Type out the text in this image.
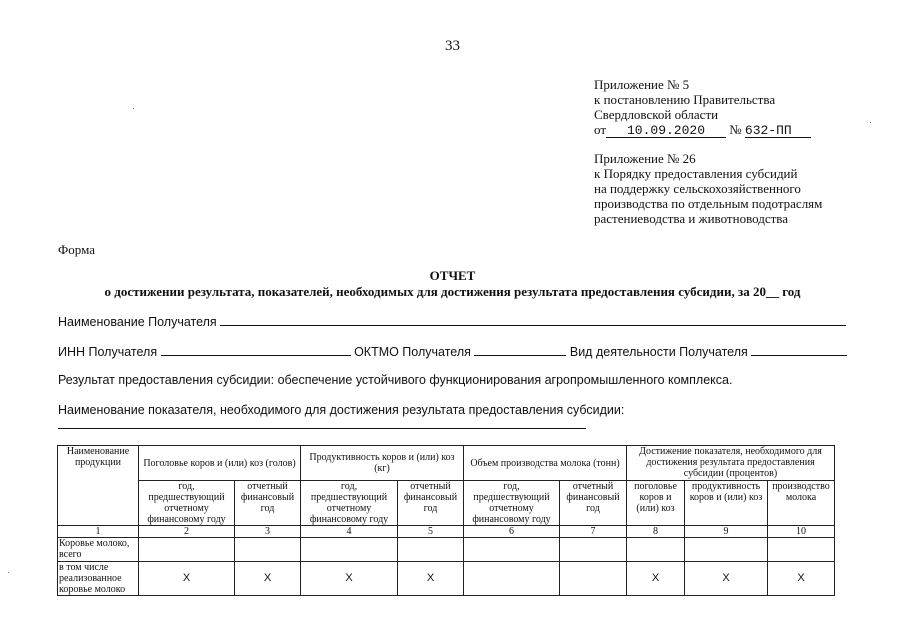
33
Приложение № 5
к постановлению Правительства
Свердловской области
от 10.09.2020 № 632-ПП
Приложение № 26
к Порядку предоставления субсидий
на поддержку сельскохозяйственного
производства по отдельным подотраслям
растениеводства и животноводства
Форма
ОТЧЕТ
о достижении результата, показателей, необходимых для достижения результата предоставления субсидии, за 20__ год
Наименование Получателя
ИНН Получателя	ОКТМО Получателя	Вид деятельности Получателя
Результат предоставления субсидии: обеспечение устойчивого функционирования агропромышленного комплекса.
Наименование показателя, необходимого для достижения результата предоставления субсидии:
Наименование продукции	Поголовье коров и (или) коз (голов)		Продуктивность коров и (или) коз (кг)		Объем производства молока (тонн)		Достижение показателя, необходимого для достижения результата предоставления субсидии (процентов)		
	год, предшествующий отчетному финансовому году	отчетный финансовый год	год, предшествующий отчетному финансовому году	отчетный финансовый год	год, предшествующий отчетному финансовому году	отчетный финансовый год	поголовье коров и (или) коз	продуктивность коров и (или) коз	производство молока
1	2	3	4	5	6	7	8	9	10
Коровье молоко, всего									
в том числе реализованное коровье молоко	Х	Х	Х	Х			Х	Х	Х
